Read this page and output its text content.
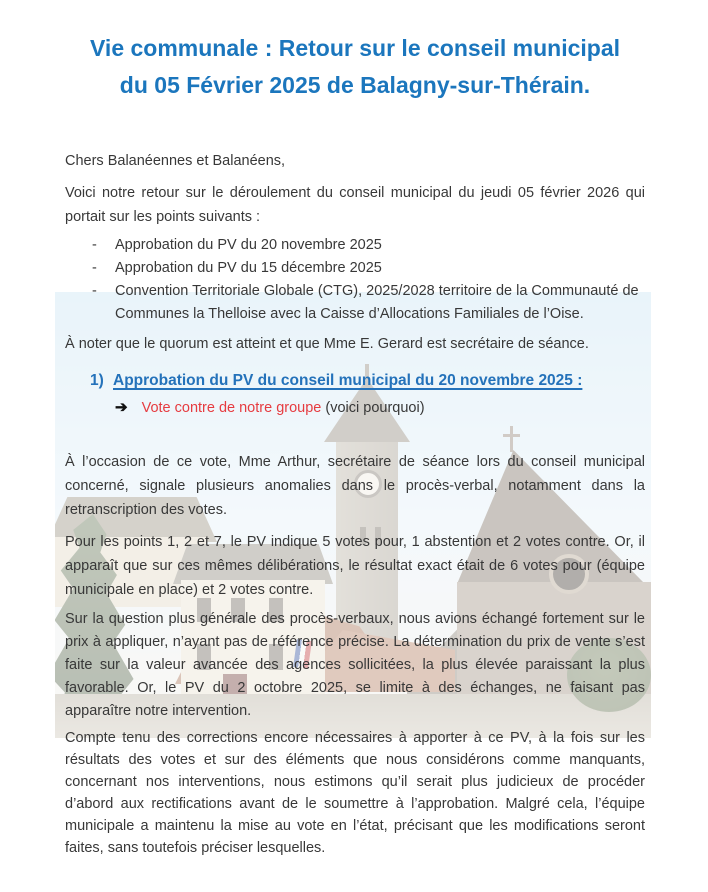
Vie communale : Retour sur le conseil municipal
du 05 Février 2025 de Balagny-sur-Thérain.

Chers Balanéennes et Balanéens,

Voici notre retour sur le déroulement du conseil municipal du jeudi 05 février 2026 qui portait sur les points suivants :

-	Approbation du PV du 20 novembre 2025
-	Approbation du PV du 15 décembre 2025
-	Convention Territoriale Globale (CTG), 2025/2028 territoire de la Communauté de Communes la Thelloise avec la Caisse d’Allocations Familiales de l’Oise.

À noter que le quorum est atteint et que Mme E. Gerard est secrétaire de séance.

1) Approbation du PV du conseil municipal du 20 novembre 2025 :
➔ Vote contre de notre groupe (voici pourquoi)

À l’occasion de ce vote, Mme Arthur, secrétaire de séance lors du conseil municipal concerné, signale plusieurs anomalies dans le procès-verbal, notamment dans la retranscription des votes.

Pour les points 1, 2 et 7, le PV indique 5 votes pour, 1 abstention et 2 votes contre. Or, il apparaît que sur ces mêmes délibérations, le résultat exact était de 6 votes pour (équipe municipale en place) et 2 votes contre.

Sur la question plus générale des procès-verbaux, nous avions échangé fortement sur le prix à appliquer, n’ayant pas de référence précise. La détermination du prix de vente s’est faite sur la valeur avancée des agences sollicitées, la plus élevée paraissant la plus favorable. Or, le PV du 2 octobre 2025, se limite à des échanges, ne faisant pas apparaître notre intervention.

Compte tenu des corrections encore nécessaires à apporter à ce PV, à la fois sur les résultats des votes et sur des éléments que nous considérons comme manquants, concernant nos interventions, nous estimons qu’il serait plus judicieux de procéder d’abord aux rectifications avant de le soumettre à l’approbation. Malgré cela, l’équipe municipale a maintenu la mise au vote en l’état, précisant que les modifications seront faites, sans toutefois préciser lesquelles.
